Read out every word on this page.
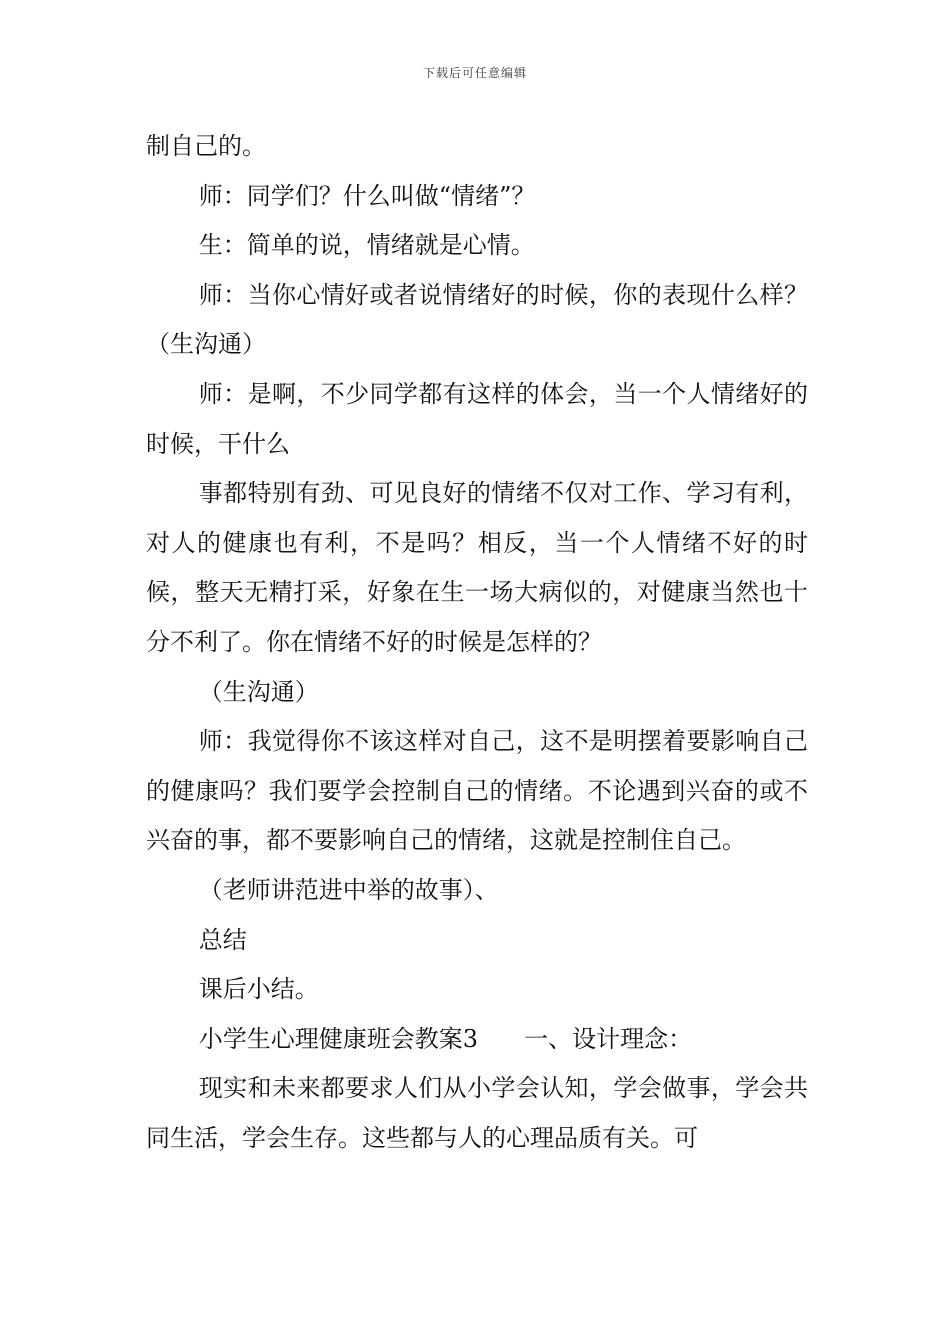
下载后可任意编辑

制自己的。

师：同学们？什么叫做“情绪”？

生：简单的说，情绪就是心情。

师：当你心情好或者说情绪好的时候，你的表现什么样？（生沟通）

师：是啊，不少同学都有这样的体会，当一个人情绪好的时候，干什么

事都特别有劲、可见良好的情绪不仅对工作、学习有利，对人的健康也有利，不是吗？相反，当一个人情绪不好的时候，整天无精打采，好象在生一场大病似的，对健康当然也十分不利了。你在情绪不好的时候是怎样的？

（生沟通）

师：我觉得你不该这样对自己，这不是明摆着要影响自己的健康吗？我们要学会控制自己的情绪。不论遇到兴奋的或不兴奋的事，都不要影响自己的情绪，这就是控制住自己。

（老师讲范进中举的故事）、

总结

课后小结。

小学生心理健康班会教案3 一、设计理念：

现实和未来都要求人们从小学会认知，学会做事，学会共同生活，学会生存。这些都与人的心理品质有关。可
